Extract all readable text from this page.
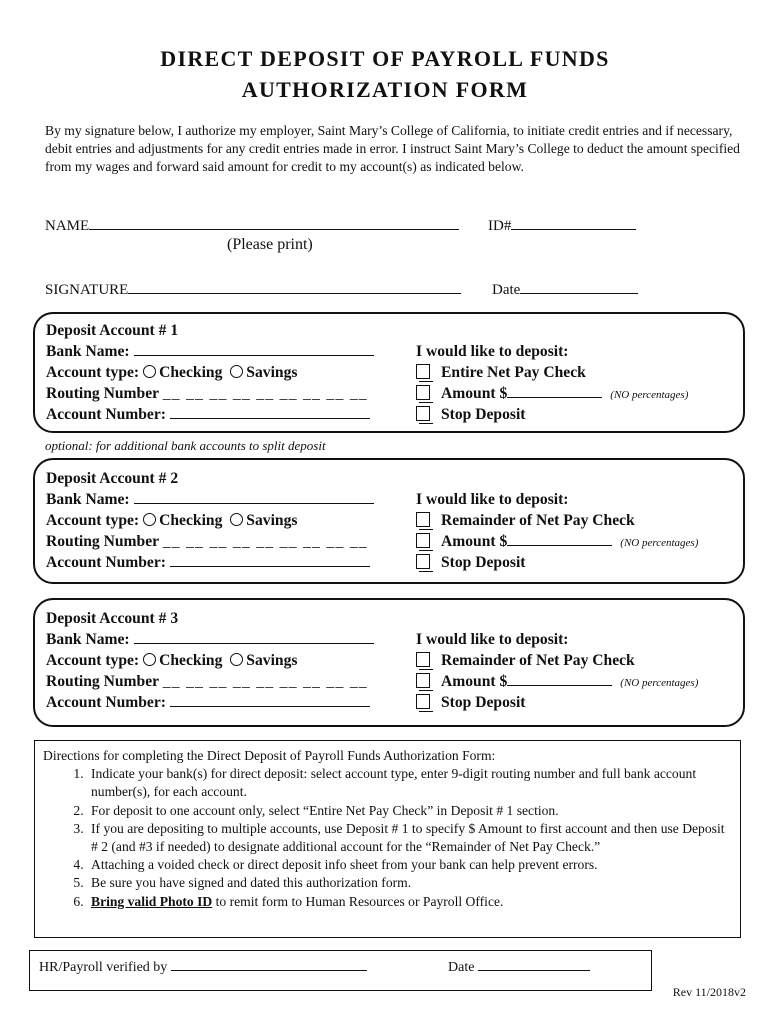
DIRECT DEPOSIT OF PAYROLL FUNDS
AUTHORIZATION FORM
By my signature below, I authorize my employer, Saint Mary’s College of California, to initiate credit entries and if necessary, debit entries and adjustments for any credit entries made in error. I instruct Saint Mary’s College to deduct the amount specified from my wages and forward said amount for credit to my account(s) as indicated below.
NAME	ID#
(Please print)
SIGNATURE	Date
Deposit Account # 1
Bank Name:
Account type: Checking Savings
Routing Number __ __ __ __ __ __ __ __ __
Account Number:
I would like to deposit:
Entire Net Pay Check
Amount $	(NO percentages)
Stop Deposit
optional: for additional bank accounts to split deposit
Deposit Account # 2
Bank Name:
Account type: Checking Savings
Routing Number __ __ __ __ __ __ __ __ __
Account Number:
I would like to deposit:
Remainder of Net Pay Check
Amount $	(NO percentages)
Stop Deposit
Deposit Account # 3
Bank Name:
Account type: Checking Savings
Routing Number __ __ __ __ __ __ __ __ __
Account Number:
I would like to deposit:
Remainder of Net Pay Check
Amount $	(NO percentages)
Stop Deposit
Directions for completing the Direct Deposit of Payroll Funds Authorization Form:
1. Indicate your bank(s) for direct deposit: select account type, enter 9-digit routing number and full bank account number(s), for each account.
2. For deposit to one account only, select “Entire Net Pay Check” in Deposit # 1 section.
3. If you are depositing to multiple accounts, use Deposit # 1 to specify $ Amount to first account and then use Deposit # 2 (and #3 if needed) to designate additional account for the “Remainder of Net Pay Check.”
4. Attaching a voided check or direct deposit info sheet from your bank can help prevent errors.
5. Be sure you have signed and dated this authorization form.
6. Bring valid Photo ID to remit form to Human Resources or Payroll Office.
HR/Payroll verified by	Date
Rev 11/2018v2
